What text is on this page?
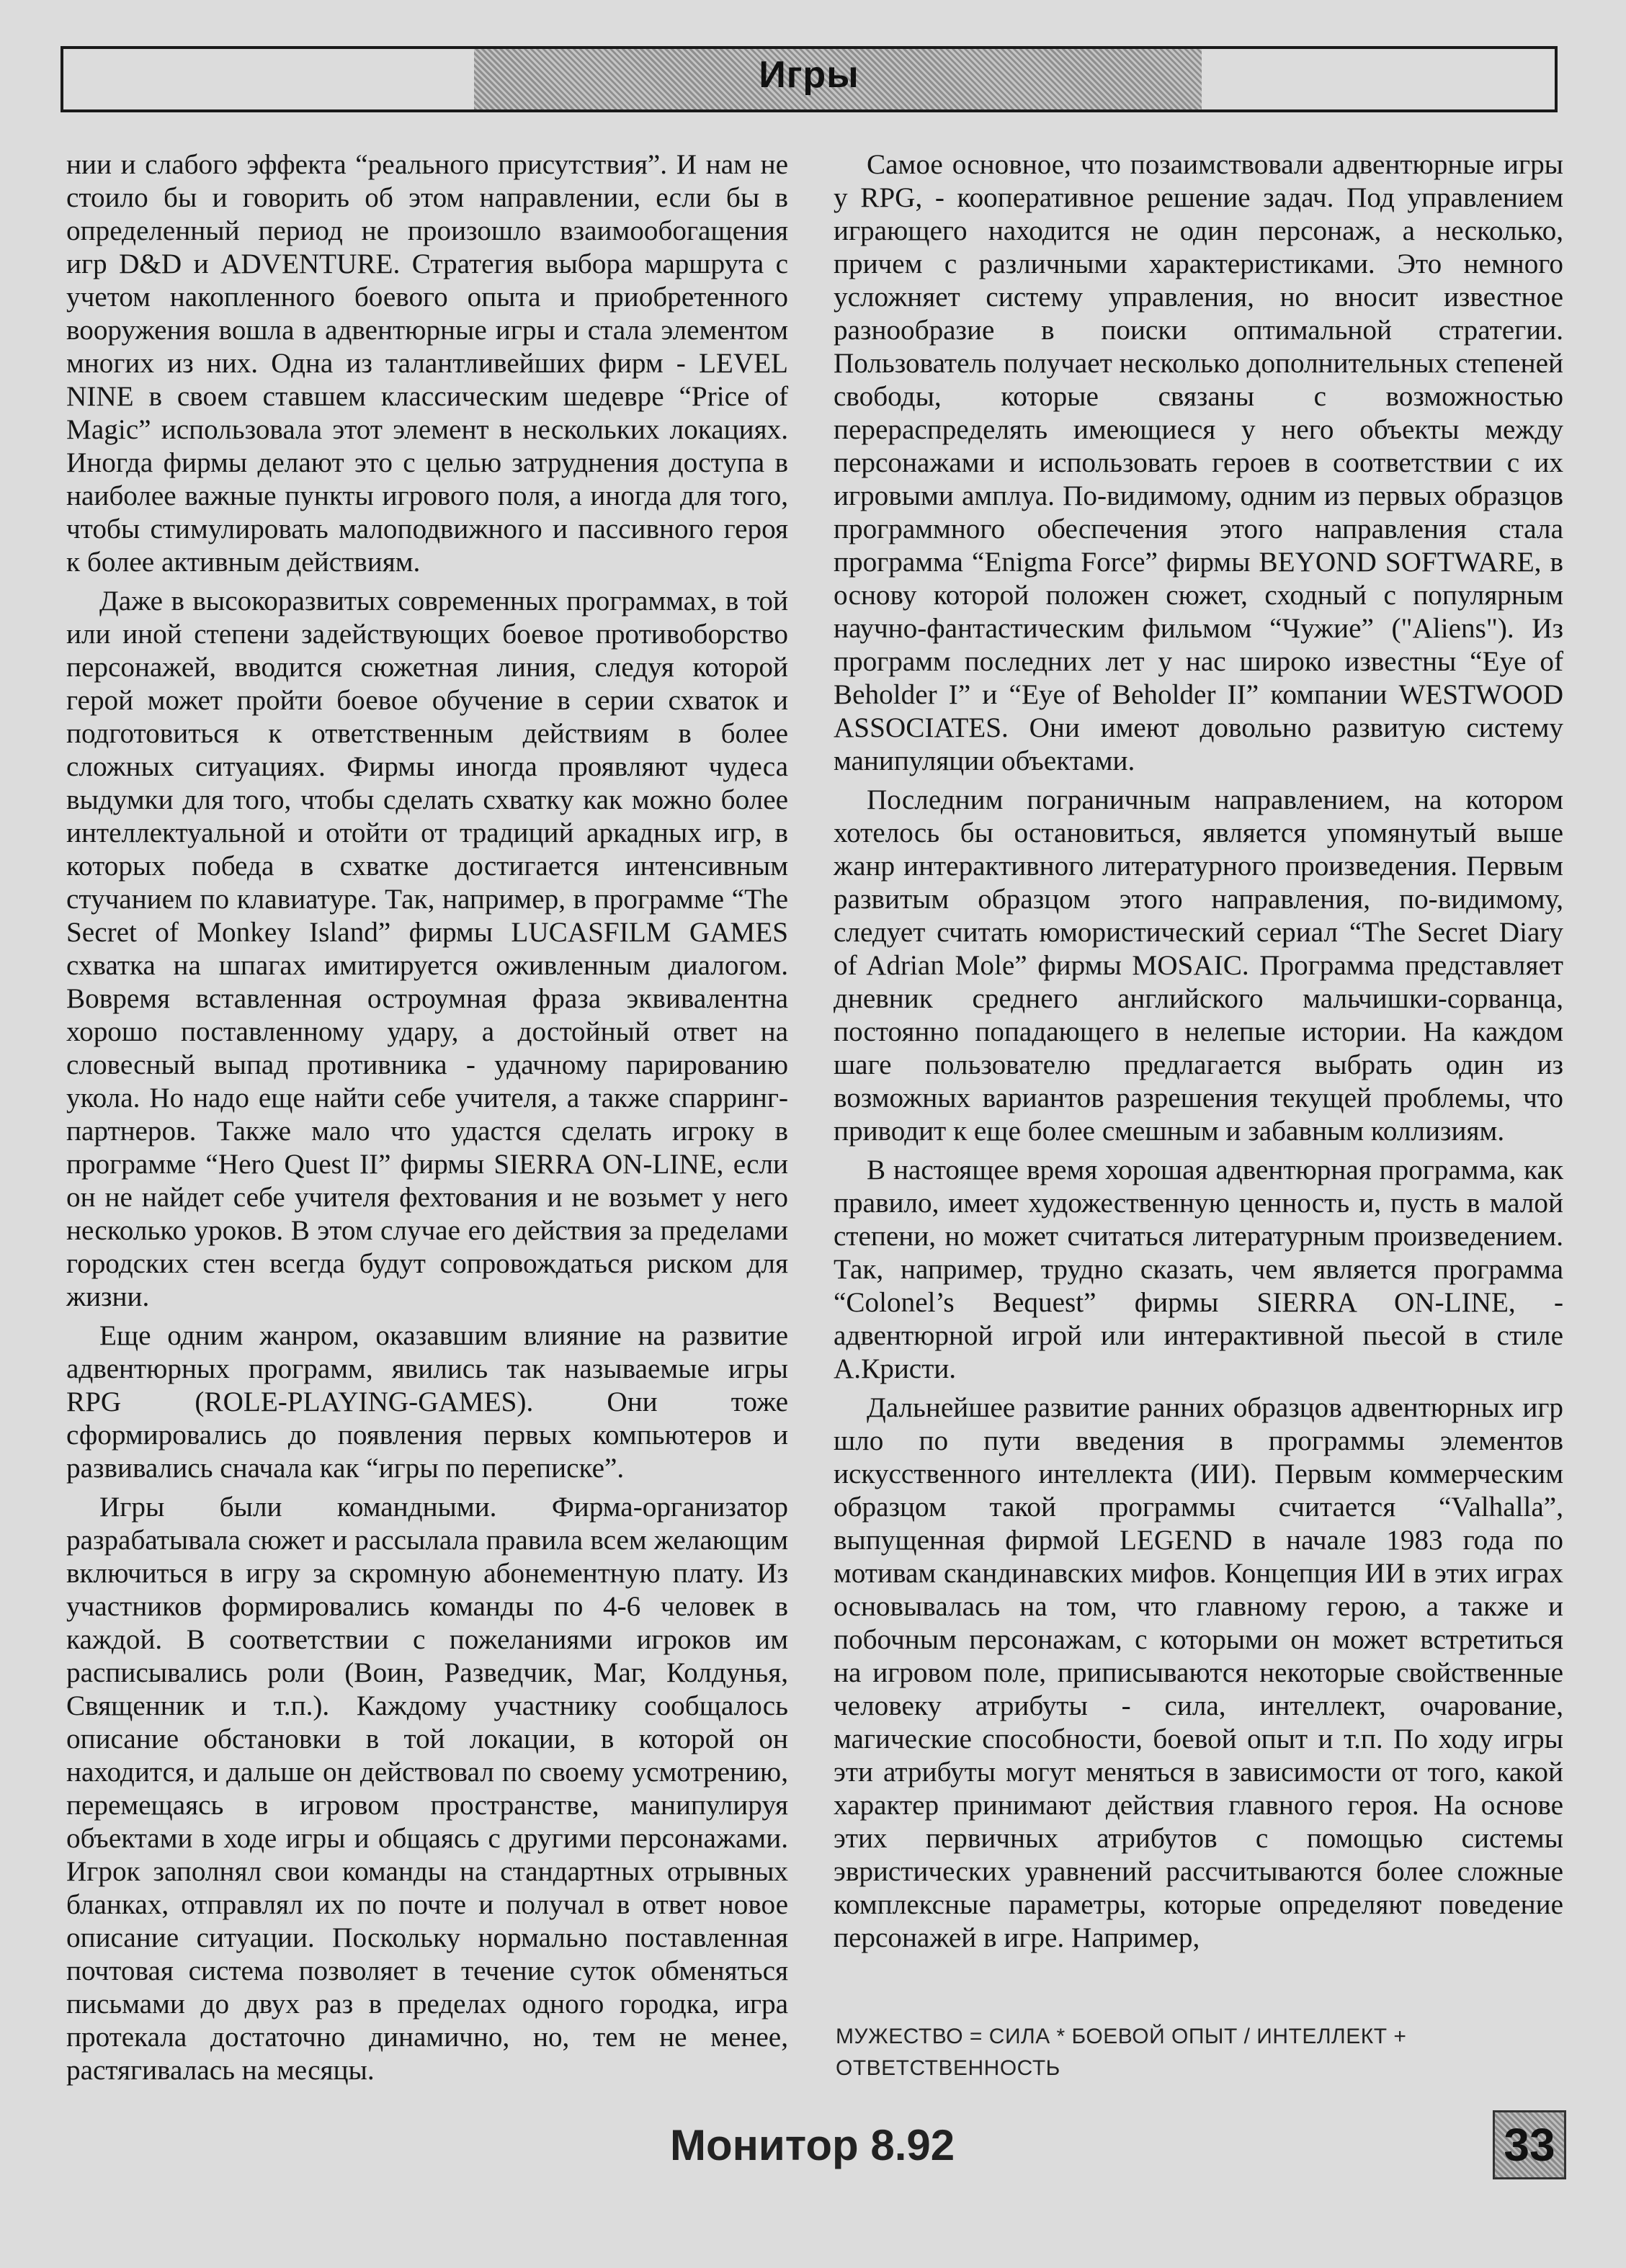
Игры

нии и слабого эффекта “реального присутствия”. И нам не стоило бы и говорить об этом направлении, если бы в определенный период не произошло взаимообогащения игр D&D и ADVENTURE. Стратегия выбора маршрута с учетом накопленного боевого опыта и приобретенного вооружения вошла в адвентюрные игры и стала элементом многих из них. Одна из талантливейших фирм - LEVEL NINE в своем ставшем классическим шедевре “Price of Magic” использовала этот элемент в нескольких локациях. Иногда фирмы делают это с целью затруднения доступа в наиболее важные пункты игрового поля, а иногда для того, чтобы стимулировать малоподвижного и пассивного героя к более активным действиям.

Даже в высокоразвитых современных программах, в той или иной степени задействующих боевое противоборство персонажей, вводится сюжетная линия, следуя которой герой может пройти боевое обучение в серии схваток и подготовиться к ответственным действиям в более сложных ситуациях. Фирмы иногда проявляют чудеса выдумки для того, чтобы сделать схватку как можно более интеллектуальной и отойти от традиций аркадных игр, в которых победа в схватке достигается интенсивным стучанием по клавиатуре. Так, например, в программе “The Secret of Monkey Island” фирмы LUCASFILM GAMES схватка на шпагах имитируется оживленным диалогом. Вовремя вставленная остроумная фраза эквивалентна хорошо поставленному удару, а достойный ответ на словесный выпад противника - удачному парированию укола. Но надо еще найти себе учителя, а также спарринг-партнеров. Также мало что удастся сделать игроку в программе “Hero Quest II” фирмы SIERRA ON-LINE, если он не найдет себе учителя фехтования и не возьмет у него несколько уроков. В этом случае его действия за пределами городских стен всегда будут сопровождаться риском для жизни.

Еще одним жанром, оказавшим влияние на развитие адвентюрных программ, явились так называемые игры RPG (ROLE-PLAYING-GAMES). Они тоже сформировались до появления первых компьютеров и развивались сначала как “игры по переписке”.

Игры были командными. Фирма-организатор разрабатывала сюжет и рассылала правила всем желающим включиться в игру за скромную абонементную плату. Из участников формировались команды по 4-6 человек в каждой. В соответствии с пожеланиями игроков им расписывались роли (Воин, Разведчик, Маг, Колдунья, Священник и т.п.). Каждому участнику сообщалось описание обстановки в той локации, в которой он находится, и дальше он действовал по своему усмотрению, перемещаясь в игровом пространстве, манипулируя объектами в ходе игры и общаясь с другими персонажами. Игрок заполнял свои команды на стандартных отрывных бланках, отправлял их по почте и получал в ответ новое описание ситуации. Поскольку нормально поставленная почтовая система позволяет в течение суток обменяться письмами до двух раз в пределах одного городка, игра протекала достаточно динамично, но, тем не менее, растягивалась на месяцы.

Самое основное, что позаимствовали адвентюрные игры у RPG, - кооперативное решение задач. Под управлением играющего находится не один персонаж, а несколько, причем с различными характеристиками. Это немного усложняет систему управления, но вносит известное разнообразие в поиски оптимальной стратегии. Пользователь получает несколько дополнительных степеней свободы, которые связаны с возможностью перераспределять имеющиеся у него объекты между персонажами и использовать героев в соответствии с их игровыми амплуа. По-видимому, одним из первых образцов программного обеспечения этого направления стала программа “Enigma Force” фирмы BEYOND SOFTWARE, в основу которой положен сюжет, сходный с популярным научно-фантастическим фильмом “Чужие” ("Aliens"). Из программ последних лет у нас широко известны “Eye of Beholder I” и “Eye of Beholder II” компании WESTWOOD ASSOCIATES. Они имеют довольно развитую систему манипуляции объектами.

Последним пограничным направлением, на котором хотелось бы остановиться, является упомянутый выше жанр интерактивного литературного произведения. Первым развитым образцом этого направления, по-видимому, следует считать юмористический сериал “The Secret Diary of Adrian Mole” фирмы MOSAIC. Программа представляет дневник среднего английского мальчишки-сорванца, постоянно попадающего в нелепые истории. На каждом шаге пользователю предлагается выбрать один из возможных вариантов разрешения текущей проблемы, что приводит к еще более смешным и забавным коллизиям.

В настоящее время хорошая адвентюрная программа, как правило, имеет художественную ценность и, пусть в малой степени, но может считаться литературным произведением. Так, например, трудно сказать, чем является программа “Colonel’s Bequest” фирмы SIERRA ON-LINE, - адвентюрной игрой или интерактивной пьесой в стиле А.Кристи.

Дальнейшее развитие ранних образцов адвентюрных игр шло по пути введения в программы элементов искусственного интеллекта (ИИ). Первым коммерческим образцом такой программы считается “Valhalla”, выпущенная фирмой LEGEND в начале 1983 года по мотивам скандинавских мифов. Концепция ИИ в этих играх основывалась на том, что главному герою, а также и побочным персонажам, с которыми он может встретиться на игровом поле, приписываются некоторые свойственные человеку атрибуты - сила, интеллект, очарование, магические способности, боевой опыт и т.п. По ходу игры эти атрибуты могут меняться в зависимости от того, какой характер принимают действия главного героя. На основе этих первичных атрибутов с помощью системы эвристических уравнений рассчитываются более сложные комплексные параметры, которые определяют поведение персонажей в игре. Например,

МУЖЕСТВО = СИЛА * БОЕВОЙ ОПЫТ / ИНТЕЛЛЕКТ + ОТВЕТСТВЕННОСТЬ
Монитор 8.92	33
